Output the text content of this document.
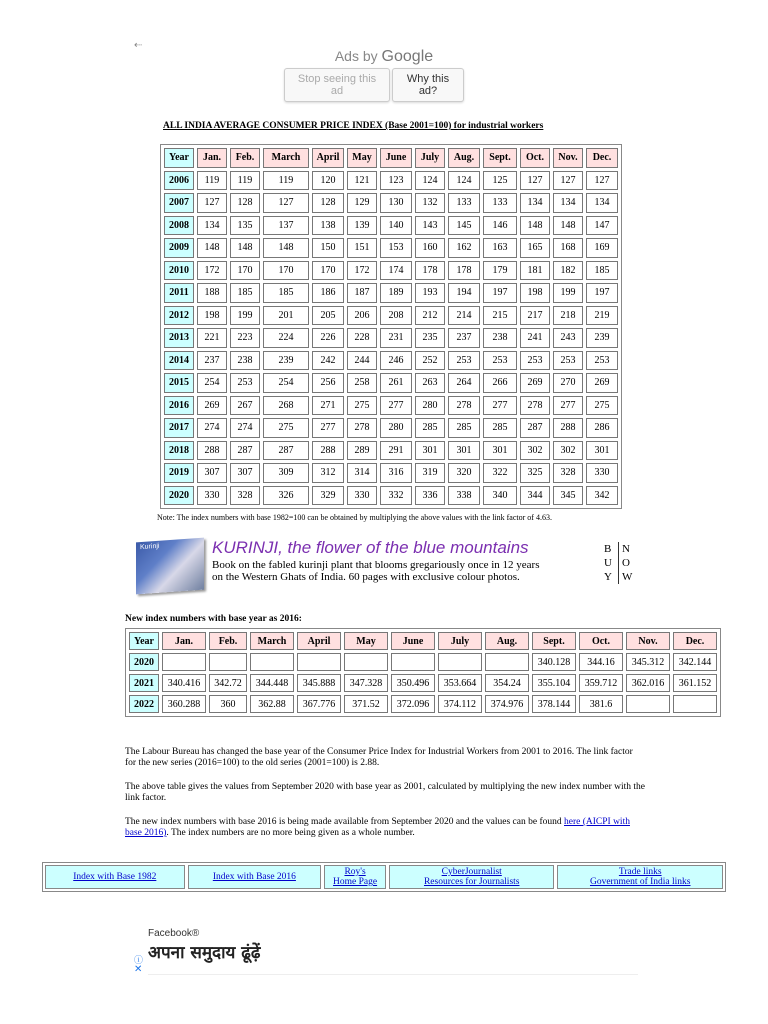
⇠
Ads by Google
Stop seeing this ad
Why this ad?
ALL INDIA AVERAGE CONSUMER PRICE INDEX (Base 2001=100) for industrial workers
Year	Jan.	Feb.	March	April	May	June	July	Aug.	Sept.	Oct.	Nov.	Dec.
2006	119	119	119	120	121	123	124	124	125	127	127	127
2007	127	128	127	128	129	130	132	133	133	134	134	134
2008	134	135	137	138	139	140	143	145	146	148	148	147
2009	148	148	148	150	151	153	160	162	163	165	168	169
2010	172	170	170	170	172	174	178	178	179	181	182	185
2011	188	185	185	186	187	189	193	194	197	198	199	197
2012	198	199	201	205	206	208	212	214	215	217	218	219
2013	221	223	224	226	228	231	235	237	238	241	243	239
2014	237	238	239	242	244	246	252	253	253	253	253	253
2015	254	253	254	256	258	261	263	264	266	269	270	269
2016	269	267	268	271	275	277	280	278	277	278	277	275
2017	274	274	275	277	278	280	285	285	285	287	288	286
2018	288	287	287	288	289	291	301	301	301	302	302	301
2019	307	307	309	312	314	316	319	320	322	325	328	330
2020	330	328	326	329	330	332	336	338	340	344	345	342
Note: The index numbers with base 1982=100 can be obtained by multiplying the above values with the link factor of 4.63.
Kurinji	KURINJI, the flower of the blue mountains
Book on the fabled kurinji plant that blooms gregariously once in 12 years
on the Western Ghats of India. 60 pages with exclusive colour photos.
B
U
Y
N
O
W
New index numbers with base year as 2016:
Year	Jan.	Feb.	March	April	May	June	July	Aug.	Sept.	Oct.	Nov.	Dec.
2020									340.128	344.16	345.312	342.144
2021	340.416	342.72	344.448	345.888	347.328	350.496	353.664	354.24	355.104	359.712	362.016	361.152
2022	360.288	360	362.88	367.776	371.52	372.096	374.112	374.976	378.144	381.6		
The Labour Bureau has changed the base year of the Consumer Price Index for Industrial Workers from 2001 to 2016. The link factor for the new series (2016=100) to the old series (2001=100) is 2.88.
The above table gives the values from September 2020 with base year as 2001, calculated by multiplying the new index number with the link factor.
The new index numbers with base 2016 is being made available from September 2020 and the values can be found here (AICPI with base 2016). The index numbers are no more being given as a whole number.
Index with Base 1982	Index with Base 2016	Roy's
Home Page
CyberJournalist
Resources for Journalists
Trade links
Government of India links
Facebook®
अपना समुदाय ढूंढ़ें
ⓘ
✕
